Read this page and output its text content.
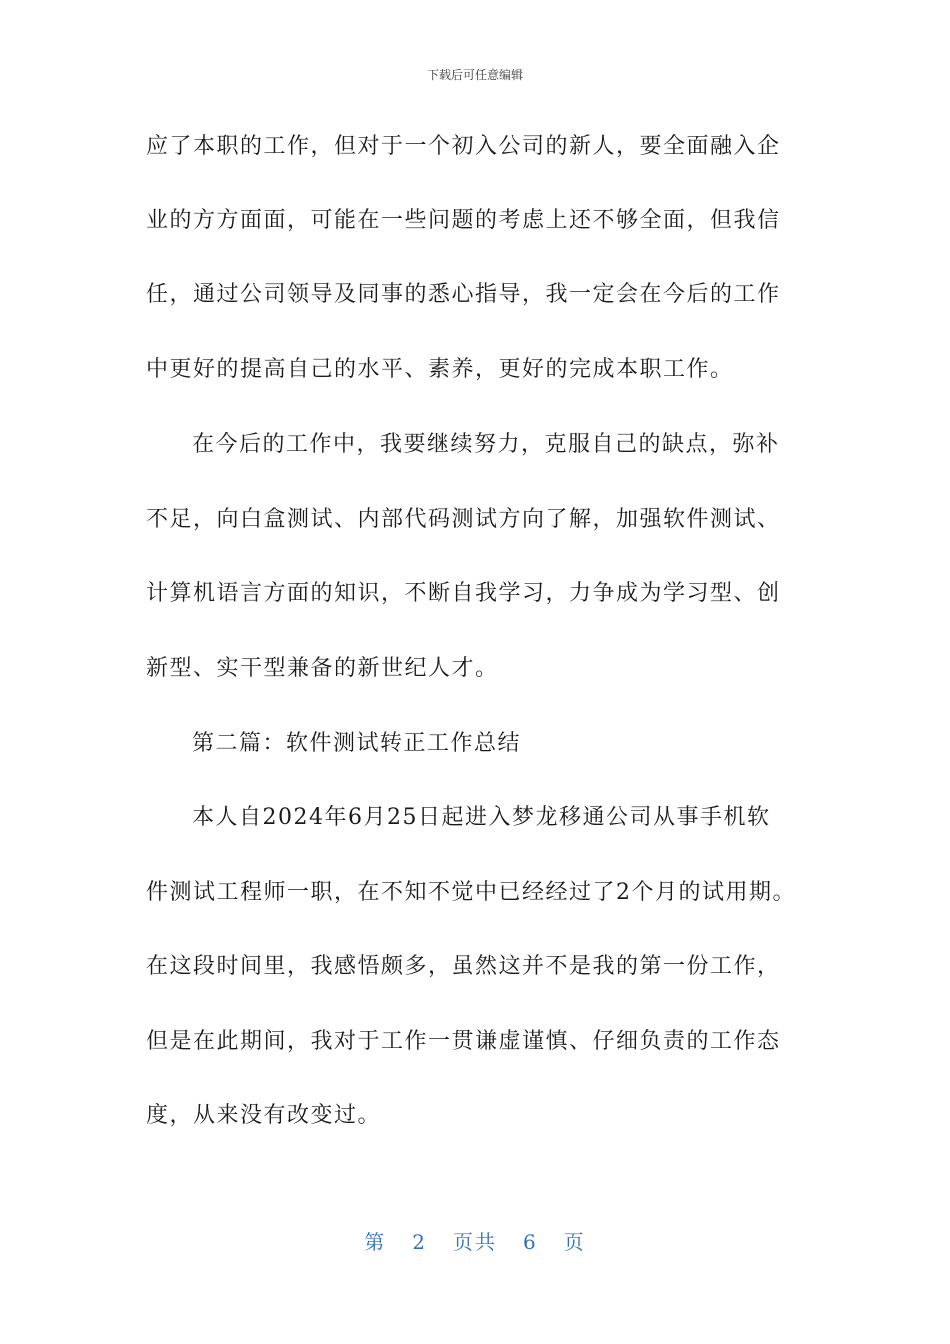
下载后可任意编辑
应了本职的工作，但对于一个初入公司的新人，要全面融入企
业的方方面面，可能在一些问题的考虑上还不够全面，但我信
任，通过公司领导及同事的悉心指导，我一定会在今后的工作
中更好的提高自己的水平、素养，更好的完成本职工作。
在今后的工作中，我要继续努力，克服自己的缺点，弥补
不足，向白盒测试、内部代码测试方向了解，加强软件测试、
计算机语言方面的知识，不断自我学习，力争成为学习型、创
新型、实干型兼备的新世纪人才。
第二篇：软件测试转正工作总结
本人自2024年6月25日起进入梦龙移通公司从事手机软
件测试工程师一职，在不知不觉中已经经过了2个月的试用期。
在这段时间里，我感悟颇多，虽然这并不是我的第一份工作，
但是在此期间，我对于工作一贯谦虚谨慎、仔细负责的工作态
度，从来没有改变过。
第 2 页共 6 页
